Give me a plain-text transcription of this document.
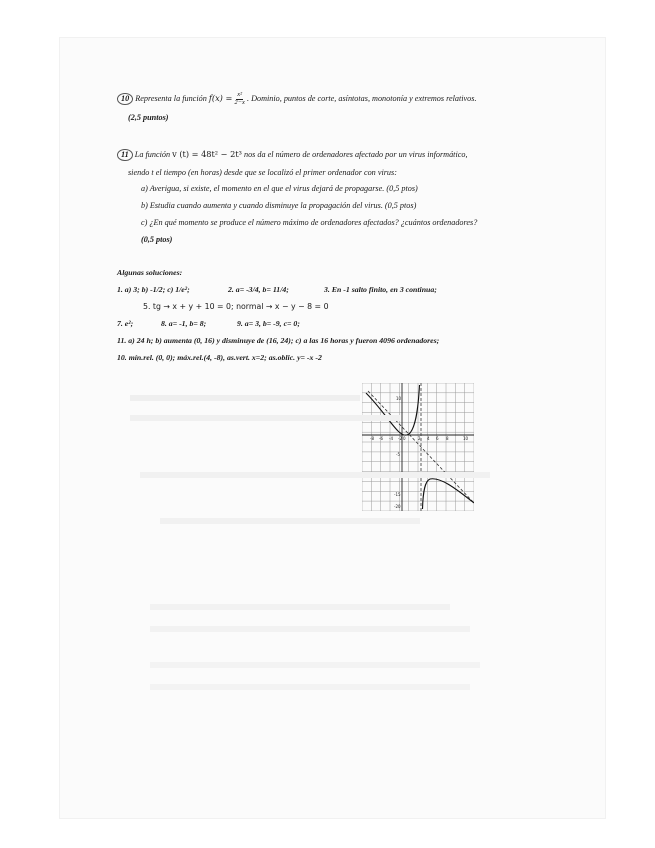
10 Representa la función $f(x) = \frac{\text{x²}}{2-x}$ . Dominio, puntos de corte, asíntotas, monotonía y extremos relativos.
(2,5 puntos)
11 La función v (t) = 48t² − 2t³ nos da el número de ordenadores afectado por un virus informático,
siendo t el tiempo (en horas) desde que se localizó el primer ordenador con virus:
a) Averigua, si existe, el momento en el que el virus dejará de propagarse. (0,5 ptos)
b) Estudia cuando aumenta y cuando disminuye la propagación del virus. (0,5 ptos)
c) ¿En qué momento se produce el número máximo de ordenadores afectados? ¿cuántos ordenadores?
(0,5 ptos)
Algunas soluciones:
1. a) 3; b) -1/2; c) 1/e²;	2. a= -3/4, b= 11/4;	3. En -1 salto finito, en 3 continua;
5. tg → x + y + 10 = 0; normal → x − y − 8 = 0
7. e²;	8. a= -1, b= 8;	9. a= 3, b= -9, c= 0;
11. a) 24 h; b) aumenta (0, 16) y disminuye de (16, 24); c) a las 16 horas y fueron 4096 ordenadores;
10. mín.rel. (0, 0); máx.rel.(4, -8), as.vert. x=2; as.oblic. y= -x -2
-8 -6 -4 -2 0	2 4 6 8	10
10
-5
-15
-20
